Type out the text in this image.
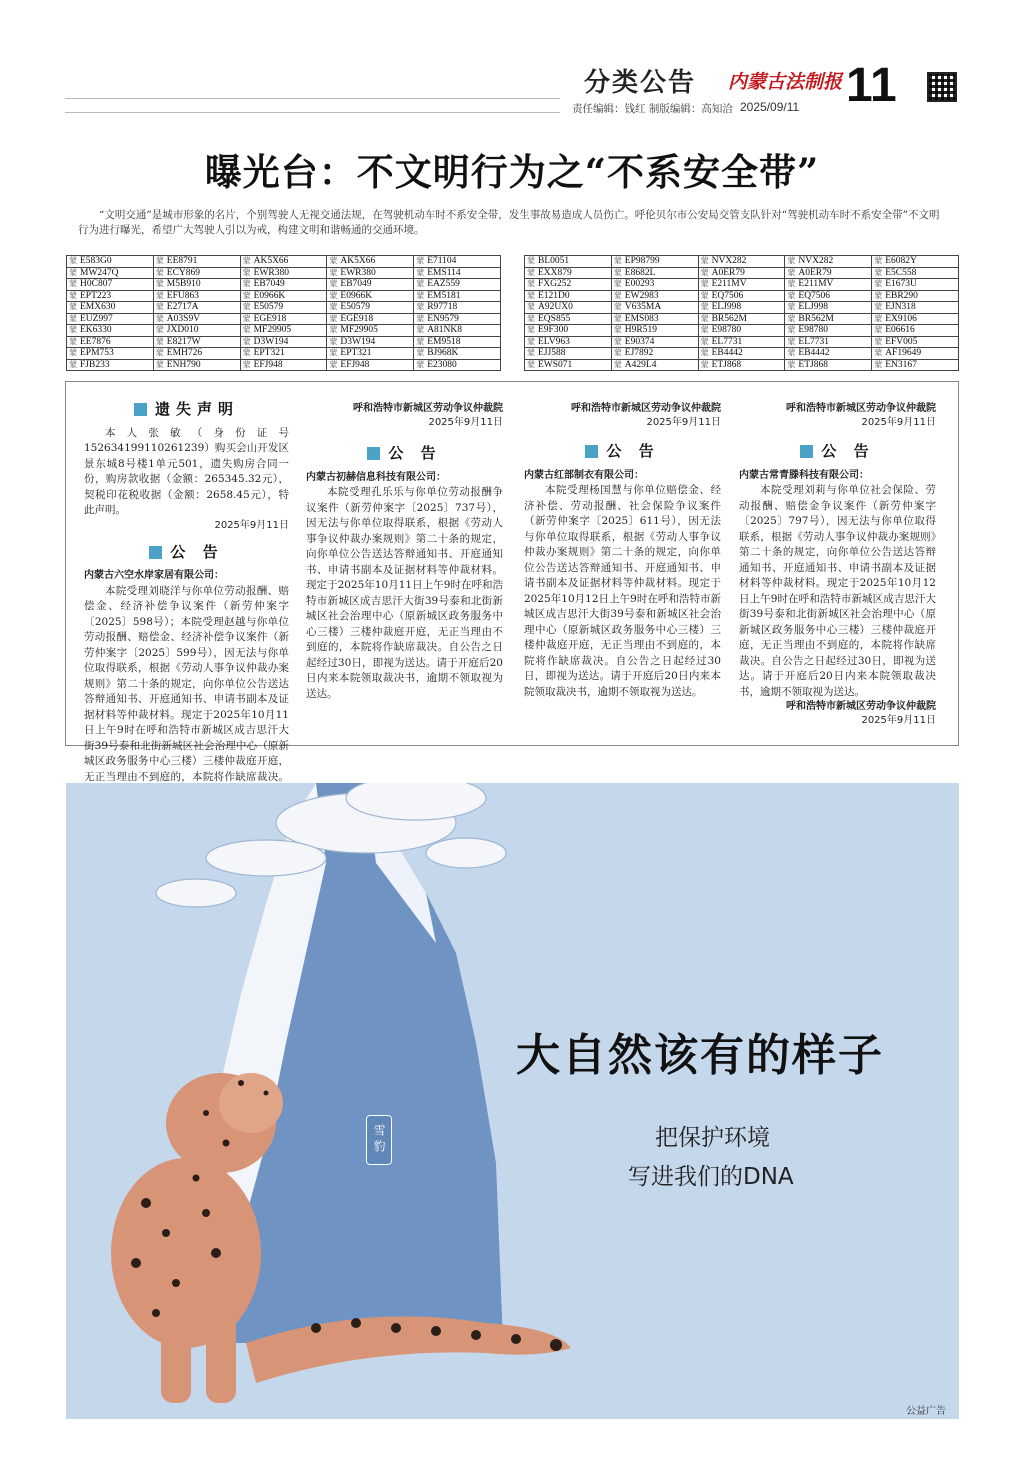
分类公告 内蒙古法制报 11
责任编辑：钱红 制版编辑：高知洽 2025/09/11
曝光台：不文明行为之“不系安全带”
“文明交通”是城市形象的名片，个别驾驶人无视交通法规，在驾驶机动车时不系安全带，发生事故易造成人员伤亡。呼伦贝尔市公安局交管支队针对“驾驶机动车时不系安全带”不文明行为进行曝光，希望广大驾驶人引以为戒，构建文明和谐畅通的交通环境。
蒙 E583G0	蒙 EE8791	蒙 AK5X66	蒙 AK5X66	蒙 E71104
蒙 MW247Q	蒙 ECY869	蒙 EWR380	蒙 EWR380	蒙 EMS114
蒙 H0C807	蒙 M5B910	蒙 EB7049	蒙 EB7049	蒙 EAZ559
蒙 EPT223	蒙 EFU863	蒙 E0966K	蒙 E0966K	蒙 EM5181
蒙 EMX630	蒙 E2717A	蒙 E50579	蒙 E50579	蒙 R97718
蒙 EUZ997	蒙 A03S9V	蒙 EGE918	蒙 EGE918	蒙 EN9579
蒙 EK6330	蒙 JXD010	蒙 MF29905	蒙 MF29905	蒙 A81NK8
蒙 EE7876	蒙 E8217W	蒙 D3W194	蒙 D3W194	蒙 EM9518
蒙 EPM753	蒙 EMH726	蒙 EPT321	蒙 EPT321	蒙 BJ968K
蒙 FJB233	蒙 ENH790	蒙 EFJ948	蒙 EFJ948	蒙 E23080
蒙 BL0051	蒙 EP98799	蒙 NVX282	蒙 NVX282	蒙 E6082Y
蒙 EXX879	蒙 E8682L	蒙 A0ER79	蒙 A0ER79	蒙 E5C558
蒙 FXG252	蒙 E00293	蒙 E211MV	蒙 E211MV	蒙 E1673U
蒙 E121D0	蒙 EW2983	蒙 EQ7506	蒙 EQ7506	蒙 EBR290
蒙 A92UX0	蒙 V635MA	蒙 ELJ998	蒙 ELJ998	蒙 EJN318
蒙 EQS855	蒙 EMS083	蒙 BR562M	蒙 BR562M	蒙 EX9106
蒙 E9F300	蒙 H9R519	蒙 E98780	蒙 E98780	蒙 E06616
蒙 ELV963	蒙 E90374	蒙 EL7731	蒙 EL7731	蒙 EFV005
蒙 EJJ588	蒙 EJ7892	蒙 EB4442	蒙 EB4442	蒙 AF19649
蒙 EWS071	蒙 A429L4	蒙 ETJ868	蒙 ETJ868	蒙 EN3167
遗失声明

本人张敏（身份证号152634199110261239）购买会山开发区景东城8号楼1单元501，遗失购房合同一份，购房款收据（金额：265345.32元），契税印花税收据（金额：2658.45元），特此声明。

2025年9月11日
公 告
内蒙古六空水岸家居有限公司：

本院受理刘晓洋与你单位劳动报酬、赔偿金、经济补偿争议案件（新劳仲案字〔2025〕598号）；本院受理赵越与你单位劳动报酬、赔偿金、经济补偿争议案件（新劳仲案字〔2025〕599号），因无法与你单位取得联系，根据《劳动人事争议仲裁办案规则》第二十条的规定，向你单位公告送达答辩通知书、开庭通知书、申请书副本及证据材料等仲裁材料。现定于2025年10月11日上午9时在呼和浩特市新城区成吉思汗大街39号泰和北街新城区社会治理中心（原新城区政务服务中心三楼）三楼仲裁庭开庭，无正当理由不到庭的，本院将作缺席裁决。

呼和浩特市新城区劳动争议仲裁院
2025年9月11日
公 告
内蒙古初赫信息科技有限公司：

本院受理孔乐乐与你单位劳动报酬争议案件（新劳仲案字〔2025〕737号），因无法与你单位取得联系，根据《劳动人事争议仲裁办案规则》第二十条的规定，向你单位公告送达答辩通知书、开庭通知书、申请书副本及证据材料等仲裁材料。现定于2025年10月11日上午9时在呼和浩特市新城区成吉思汗大街39号泰和北街新城区社会治理中心（原新城区政务服务中心三楼）三楼仲裁庭开庭，无正当理由不到庭的，本院将作缺席裁决。自公告之日起经过30日，即视为送达。请于开庭后20日内来本院领取裁决书，逾期不领取视为送达。

呼和浩特市新城区劳动争议仲裁院
2025年9月11日
公 告
内蒙古红部制衣有限公司：

本院受理杨国慧与你单位赔偿金、经济补偿、劳动报酬、社会保险争议案件（新劳仲案字〔2025〕611号），因无法与你单位取得联系，根据《劳动人事争议仲裁办案规则》第二十条的规定，向你单位公告送达答辩通知书、开庭通知书、申请书副本及证据材料等仲裁材料。现定于2025年10月12日上午9时在呼和浩特市新城区成吉思汗大街39号泰和新城区社会治理中心（原新城区政务服务中心三楼）三楼仲裁庭开庭，无正当理由不到庭的，本院将作缺席裁决。自公告之日起经过30日，即视为送达。请于开庭后20日内来本院领取裁决书，逾期不领取视为送达。

呼和浩特市新城区劳动争议仲裁院
2025年9月11日
公 告
内蒙古常青滕科技有限公司：

本院受理刘莉与你单位社会保险、劳动报酬、赔偿金争议案件（新劳仲案字〔2025〕797号），因无法与你单位取得联系，根据《劳动人事争议仲裁办案规则》第二十条的规定，向你单位公告送达答辩通知书、开庭通知书、申请书副本及证据材料等仲裁材料。现定于2025年10月12日上午9时在呼和浩特市新城区成吉思汗大街39号泰和北街新城区社会治理中心（原新城区政务服务中心三楼）三楼仲裁庭开庭，无正当理由不到庭的，本院将作缺席裁决。自公告之日起经过30日，即视为送达。请于开庭后20日内来本院领取裁决书，逾期不领取视为送达。

呼和浩特市新城区劳动争议仲裁院
2025年9月11日
雪豹
大自然该有的样子
把保护环境
写进我们的DNA
公益广告
